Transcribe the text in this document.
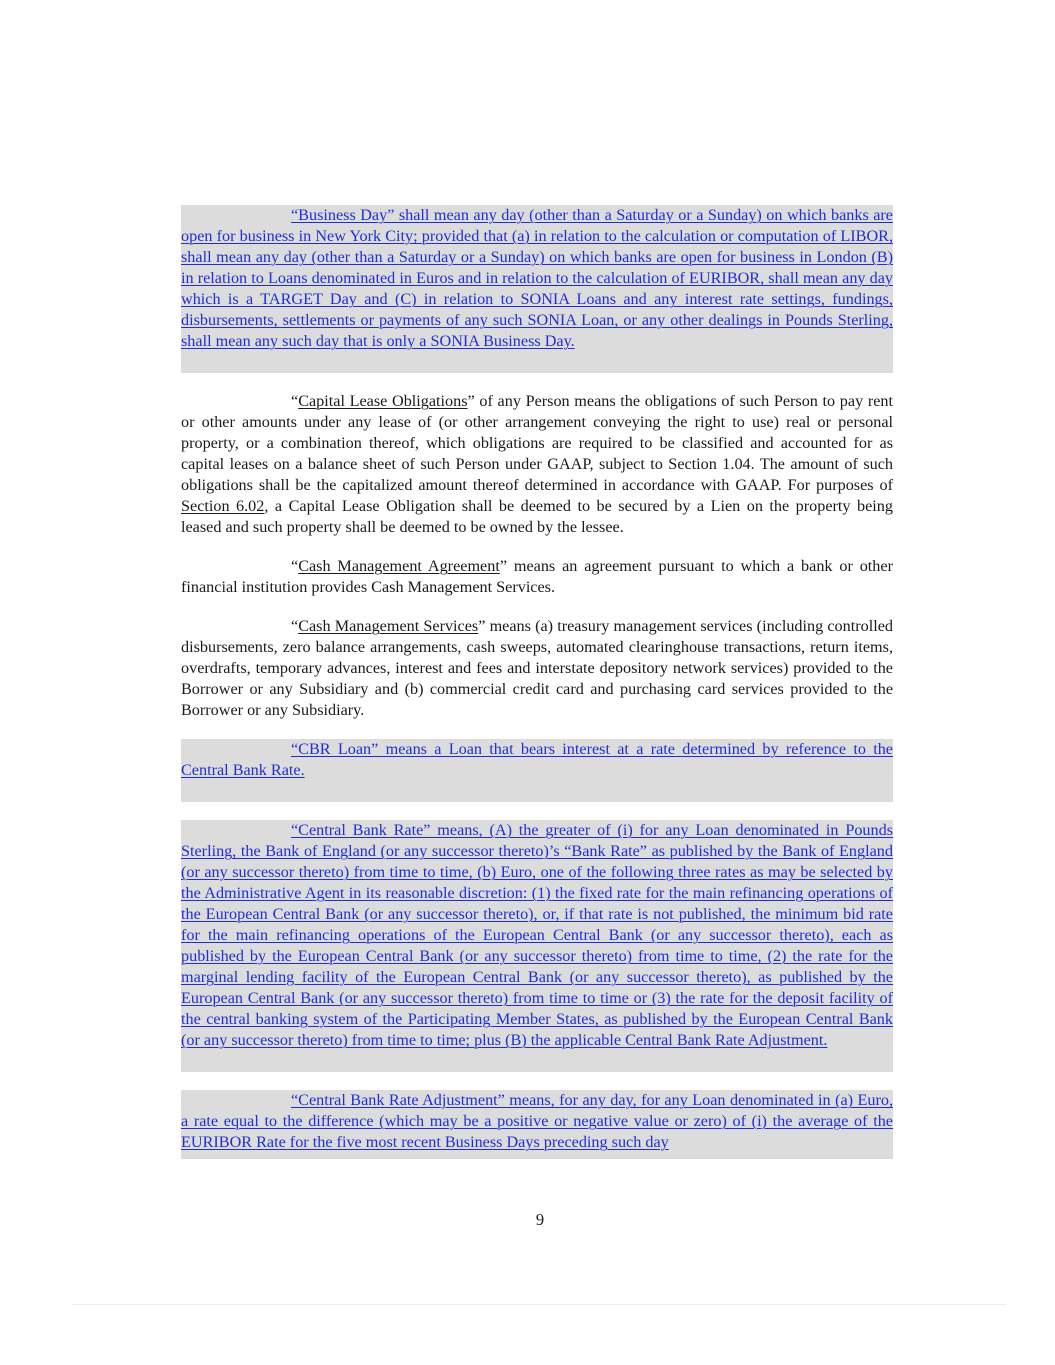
“Business Day” shall mean any day (other than a Saturday or a Sunday) on which banks are open for business in New York City; provided that (a) in relation to the calculation or computation of LIBOR, shall mean any day (other than a Saturday or a Sunday) on which banks are open for business in London (B) in relation to Loans denominated in Euros and in relation to the calculation of EURIBOR, shall mean any day which is a TARGET Day and (C) in relation to SONIA Loans and any interest rate settings, fundings, disbursements, settlements or payments of any such SONIA Loan, or any other dealings in Pounds Sterling, shall mean any such day that is only a SONIA Business Day.

“Capital Lease Obligations” of any Person means the obligations of such Person to pay rent or other amounts under any lease of (or other arrangement conveying the right to use) real or personal property, or a combination thereof, which obligations are required to be classified and accounted for as capital leases on a balance sheet of such Person under GAAP, subject to Section 1.04. The amount of such obligations shall be the capitalized amount thereof determined in accordance with GAAP. For purposes of Section 6.02, a Capital Lease Obligation shall be deemed to be secured by a Lien on the property being leased and such property shall be deemed to be owned by the lessee.

“Cash Management Agreement” means an agreement pursuant to which a bank or other financial institution provides Cash Management Services.

“Cash Management Services” means (a) treasury management services (including controlled disbursements, zero balance arrangements, cash sweeps, automated clearinghouse transactions, return items, overdrafts, temporary advances, interest and fees and interstate depository network services) provided to the Borrower or any Subsidiary and (b) commercial credit card and purchasing card services provided to the Borrower or any Subsidiary.

“CBR Loan” means a Loan that bears interest at a rate determined by reference to the Central Bank Rate.

“Central Bank Rate” means, (A) the greater of (i) for any Loan denominated in Pounds Sterling, the Bank of England (or any successor thereto)’s “Bank Rate” as published by the Bank of England (or any successor thereto) from time to time, (b) Euro, one of the following three rates as may be selected by the Administrative Agent in its reasonable discretion: (1) the fixed rate for the main refinancing operations of the European Central Bank (or any successor thereto), or, if that rate is not published, the minimum bid rate for the main refinancing operations of the European Central Bank (or any successor thereto), each as published by the European Central Bank (or any successor thereto) from time to time, (2) the rate for the marginal lending facility of the European Central Bank (or any successor thereto), as published by the European Central Bank (or any successor thereto) from time to time or (3) the rate for the deposit facility of the central banking system of the Participating Member States, as published by the European Central Bank (or any successor thereto) from time to time; plus (B) the applicable Central Bank Rate Adjustment.

“Central Bank Rate Adjustment” means, for any day, for any Loan denominated in (a) Euro, a rate equal to the difference (which may be a positive or negative value or zero) of (i) the average of the EURIBOR Rate for the five most recent Business Days preceding such day

9
